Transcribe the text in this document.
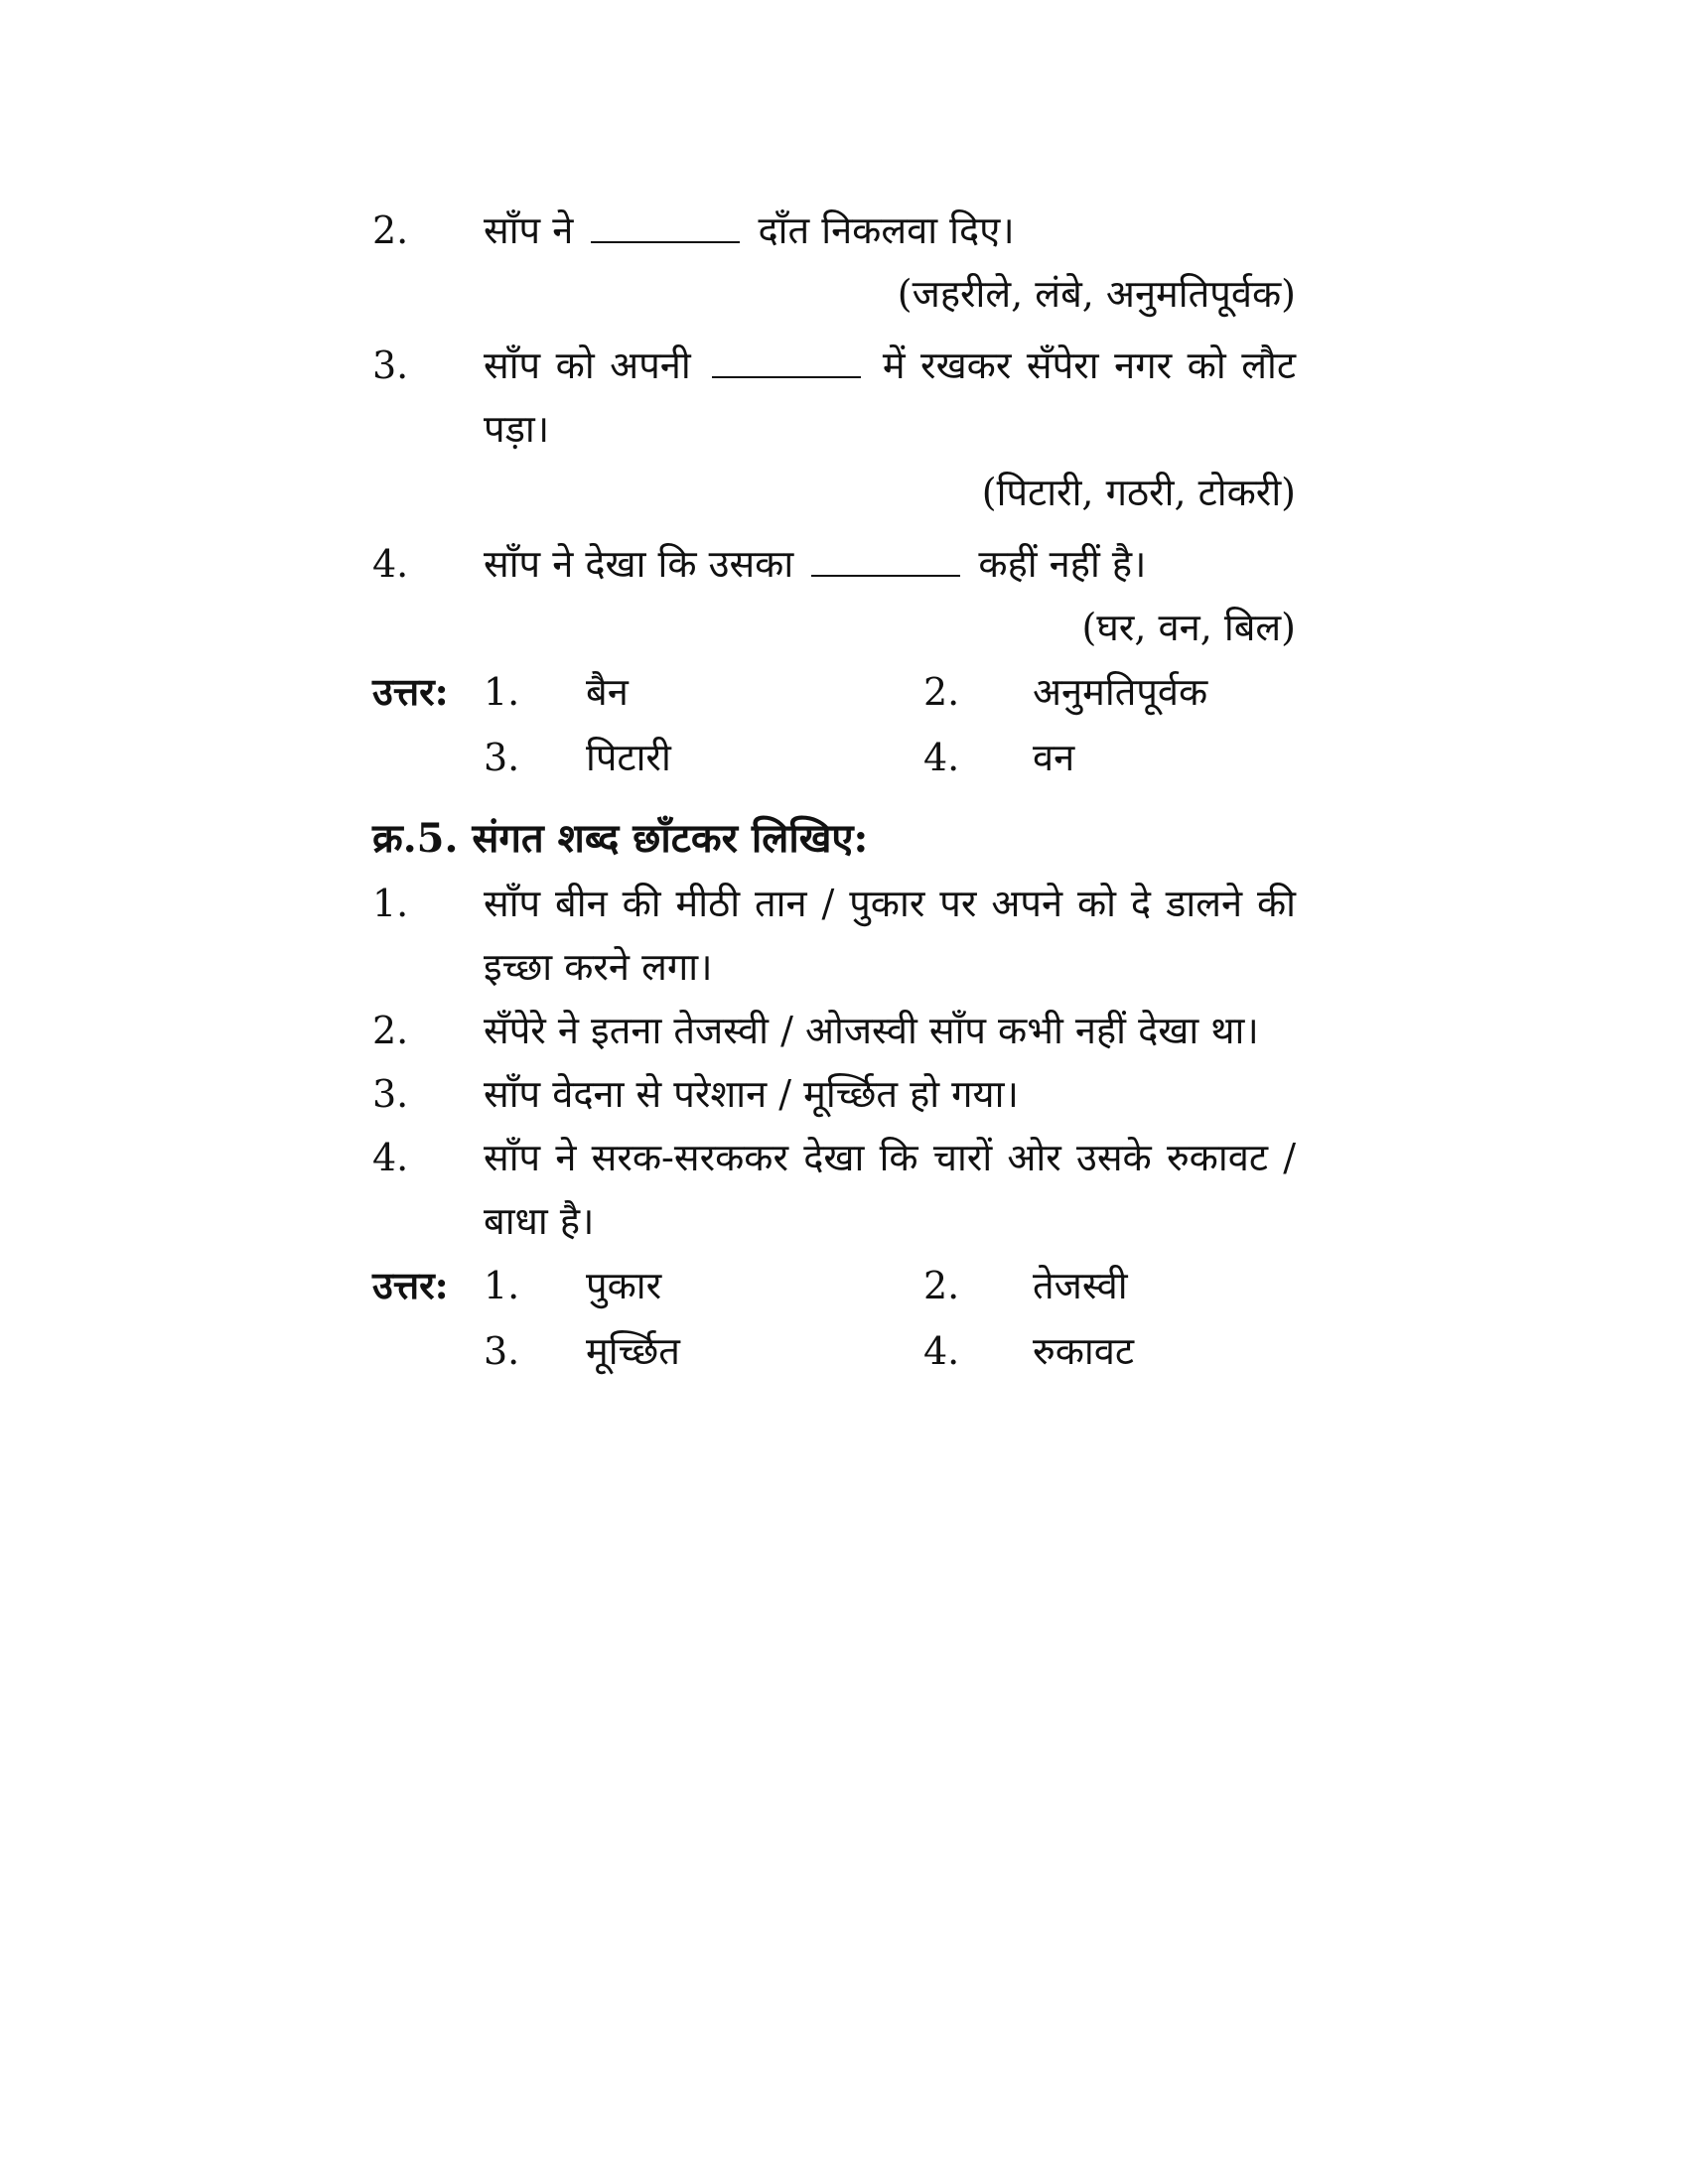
2.	साँप ने	दाँत निकलवा दिए।
(जहरीले, लंबे, अनुमतिपूर्वक)
3.	साँप को अपनी	में रखकर सँपेरा नगर को लौट पड़ा।
(पिटारी, गठरी, टोकरी)
4.	साँप ने देखा कि उसका	कहीं नहीं है।
(घर, वन, बिल)
उत्तर: 1. बैन	2. अनुमतिपूर्वक
3. पिटारी	4. वन
क्र.5. संगत शब्द छाँटकर लिखिए:
1.	साँप बीन की मीठी तान / पुकार पर अपने को दे डालने की इच्छा करने लगा।
2.	सँपेरे ने इतना तेजस्वी / ओजस्वी साँप कभी नहीं देखा था।
3.	साँप वेदना से परेशान / मूर्च्छित हो गया।
4.	साँप ने सरक-सरककर देखा कि चारों ओर उसके रुकावट / बाधा है।
उत्तर: 1. पुकार	2. तेजस्वी
3. मूर्च्छित	4. रुकावट
